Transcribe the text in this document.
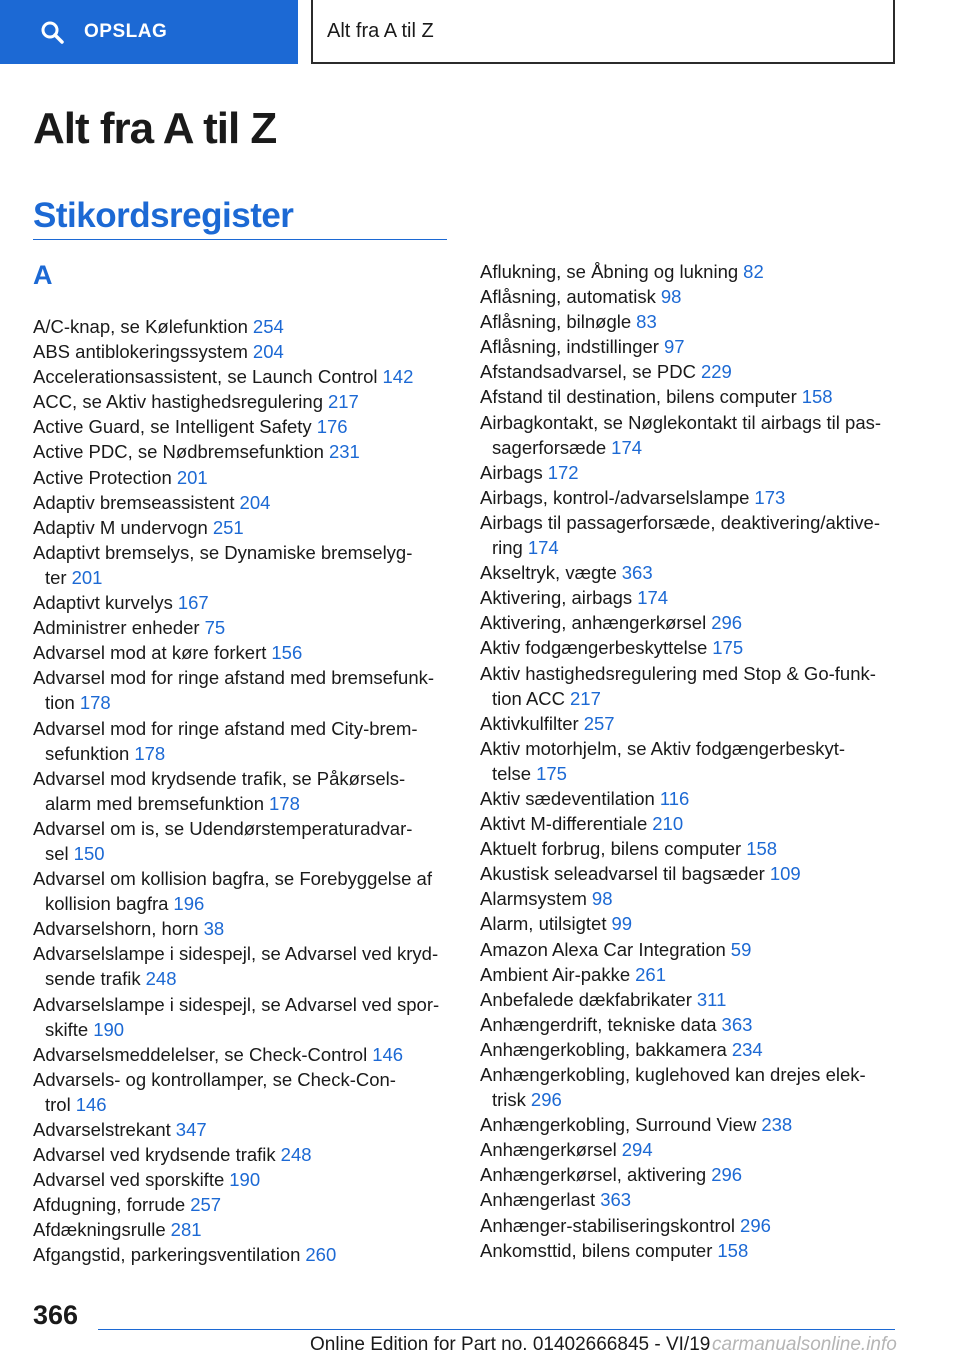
OPSLAG	Alt fra A til Z
Alt fra A til Z
Stikordsregister
A
A/C-knap, se Kølefunktion 254
ABS antiblokeringssystem 204
Accelerationsassistent, se Launch Control 142
ACC, se Aktiv hastighedsregulering 217
Active Guard, se Intelligent Safety 176
Active PDC, se Nødbremsefunktion 231
Active Protection 201
Adaptiv bremseassistent 204
Adaptiv M undervogn 251
Adaptivt bremselys, se Dynamiske bremselyg‐ ter 201
Adaptivt kurvelys 167
Administrer enheder 75
Advarsel mod at køre forkert 156
Advarsel mod for ringe afstand med bremsefunk‐ tion 178
Advarsel mod for ringe afstand med City-brem‐ sefunktion 178
Advarsel mod krydsende trafik, se Påkørsels‐ alarm med bremsefunktion 178
Advarsel om is, se Udendørstemperaturadvar‐ sel 150
Advarsel om kollision bagfra, se Forebyggelse af kollision bagfra 196
Advarselshorn, horn 38
Advarselslampe i sidespejl, se Advarsel ved kryd‐ sende trafik 248
Advarselslampe i sidespejl, se Advarsel ved spor‐ skifte 190
Advarselsmeddelelser, se Check-Control 146
Advarsels- og kontrollamper, se Check-Con‐ trol 146
Advarselstrekant 347
Advarsel ved krydsende trafik 248
Advarsel ved sporskifte 190
Afdugning, forrude 257
Afdækningsrulle 281
Afgangstid, parkeringsventilation 260
Aflukning, se Åbning og lukning 82
Aflåsning, automatisk 98
Aflåsning, bilnøgle 83
Aflåsning, indstillinger 97
Afstandsadvarsel, se PDC 229
Afstand til destination, bilens computer 158
Airbagkontakt, se Nøglekontakt til airbags til pas‐ sagerforsæde 174
Airbags 172
Airbags, kontrol-/advarselslampe 173
Airbags til passagerforsæde, deaktivering/aktive‐ ring 174
Akseltryk, vægte 363
Aktivering, airbags 174
Aktivering, anhængerkørsel 296
Aktiv fodgængerbeskyttelse 175
Aktiv hastighedsregulering med Stop & Go-funk‐ tion ACC 217
Aktivkulfilter 257
Aktiv motorhjelm, se Aktiv fodgængerbeskyt‐ telse 175
Aktiv sædeventilation 116
Aktivt M-differentiale 210
Aktuelt forbrug, bilens computer 158
Akustisk seleadvarsel til bagsæder 109
Alarmsystem 98
Alarm, utilsigtet 99
Amazon Alexa Car Integration 59
Ambient Air-pakke 261
Anbefalede dækfabrikater 311
Anhængerdrift, tekniske data 363
Anhængerkobling, bakkamera 234
Anhængerkobling, kuglehoved kan drejes elek‐ trisk 296
Anhængerkobling, Surround View 238
Anhængerkørsel 294
Anhængerkørsel, aktivering 296
Anhængerlast 363
Anhænger-stabiliseringskontrol 296
Ankomsttid, bilens computer 158
366
Online Edition for Part no. 01402666845 - VI/19 carmanualsonline.info
